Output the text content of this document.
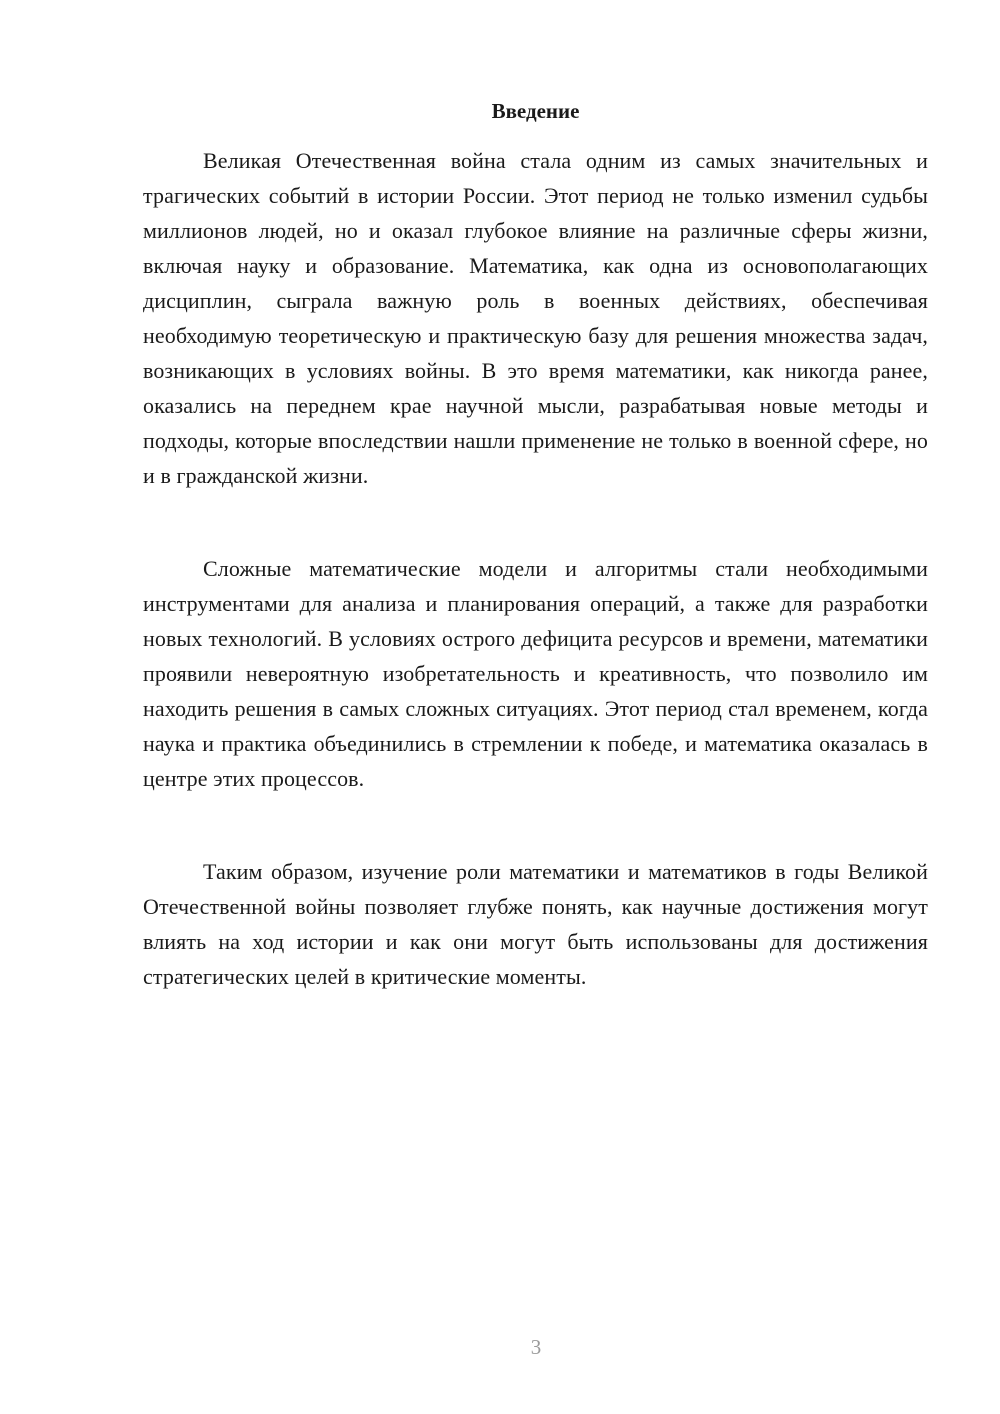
Введение

Великая Отечественная война стала одним из самых значительных и трагических событий в истории России. Этот период не только изменил судьбы миллионов людей, но и оказал глубокое влияние на различные сферы жизни, включая науку и образование. Математика, как одна из основополагающих дисциплин, сыграла важную роль в военных действиях, обеспечивая необходимую теоретическую и практическую базу для решения множества задач, возникающих в условиях войны. В это время математики, как никогда ранее, оказались на переднем крае научной мысли, разрабатывая новые методы и подходы, которые впоследствии нашли применение не только в военной сфере, но и в гражданской жизни.

Сложные математические модели и алгоритмы стали необходимыми инструментами для анализа и планирования операций, а также для разработки новых технологий. В условиях острого дефицита ресурсов и времени, математики проявили невероятную изобретательность и креативность, что позволило им находить решения в самых сложных ситуациях. Этот период стал временем, когда наука и практика объединились в стремлении к победе, и математика оказалась в центре этих процессов.

Таким образом, изучение роли математики и математиков в годы Великой Отечественной войны позволяет глубже понять, как научные достижения могут влиять на ход истории и как они могут быть использованы для достижения стратегических целей в критические моменты.

3
